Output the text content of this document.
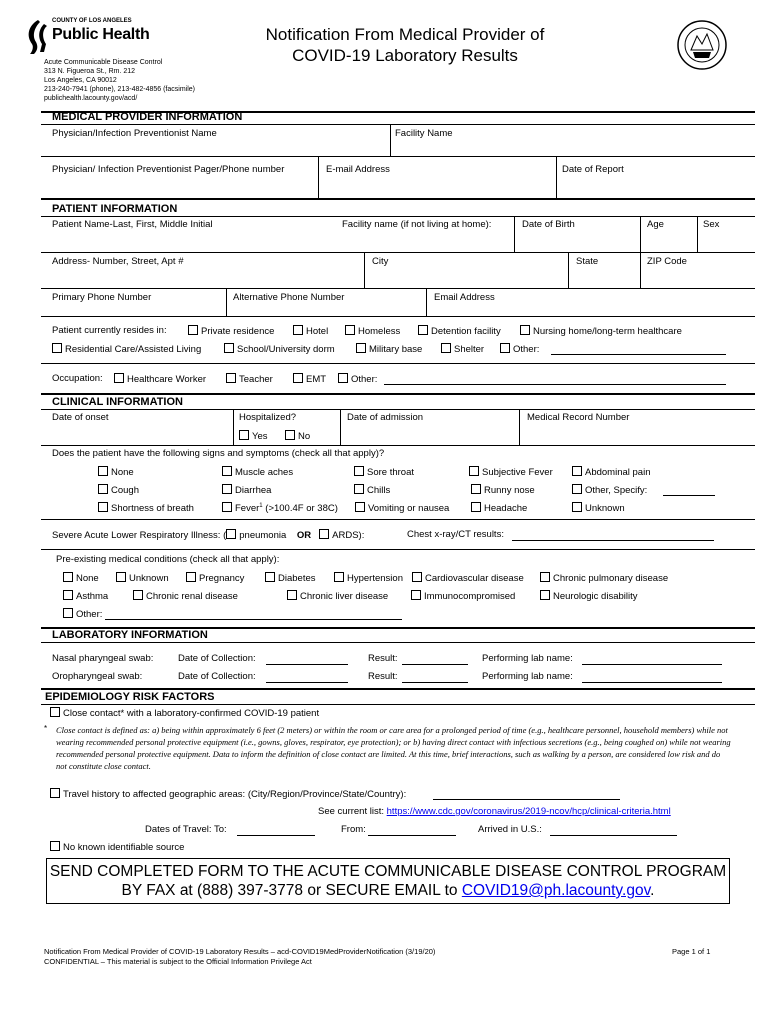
COUNTY OF LOS ANGELES
Public Health
Acute Communicable Disease Control
313 N. Figueroa St., Rm. 212
Los Angeles, CA 90012
213-240-7941 (phone), 213-482-4856 (facsimile)
publichealth.lacounty.gov/acd/
Notification From Medical Provider of
COVID-19 Laboratory Results
MEDICAL PROVIDER INFORMATION
Physician/Infection Preventionist Name	Facility Name
Physician/ Infection Preventionist Pager/Phone number	E-mail Address	Date of Report
PATIENT INFORMATION
Patient Name-Last, First, Middle Initial	Facility name (if not living at home):	Date of Birth	Age	Sex
Address- Number, Street, Apt #	City	State	ZIP Code
Primary Phone Number	Alternative Phone Number	Email Address
Patient currently resides in:	Private residence	Hotel	Homeless	Detention facility	Nursing home/long-term healthcare
Residential Care/Assisted Living	School/University dorm	Military base	Shelter	Other:
Occupation:	Healthcare Worker	Teacher	EMT	Other:
CLINICAL INFORMATION
Date of onset	Hospitalized?	Date of admission	Medical Record Number
Yes	No
Does the patient have the following signs and symptoms (check all that apply)?
None	Muscle aches	Sore throat	Subjective Fever	Abdominal pain
Cough	Diarrhea	Chills	Runny nose	Other, Specify:
Shortness of breath	Fever$^1$ (>100.4F or 38C)	Vomiting or nausea	Headache	Unknown
Severe Acute Lower Respiratory Illness: ( pneumonia OR ARDS):	Chest x-ray/CT results:
Pre-existing medical conditions (check all that apply):
None	Unknown	Pregnancy	Diabetes	Hypertension	Cardiovascular disease	Chronic pulmonary disease
Asthma	Chronic renal disease	Chronic liver disease	Immunocompromised	Neurologic disability
Other:
LABORATORY INFORMATION
Nasal pharyngeal swab:	Date of Collection:	Result:	Performing lab name:
Oropharyngeal swab:	Date of Collection:	Result:	Performing lab name:
EPIDEMIOLOGY RISK FACTORS
Close contact* with a laboratory-confirmed COVID-19 patient
* Close contact is defined as: a) being within approximately 6 feet (2 meters) or within the room or care area for a prolonged period of time (e.g., healthcare personnel, household members) while not wearing recommended personal protective equipment (i.e., gowns, gloves, respirator, eye protection); or b) having direct contact with infectious secretions (e.g., being coughed on) while not wearing recommended personal protective equipment. Data to inform the definition of close contact are limited. At this time, brief interactions, such as walking by a person, are considered low risk and do not constitute close contact.
Travel history to affected geographic areas: (City/Region/Province/State/Country):
See current list: https://www.cdc.gov/coronavirus/2019-ncov/hcp/clinical-criteria.html
Dates of Travel: To:	From:	Arrived in U.S.:
No known identifiable source
SEND COMPLETED FORM TO THE ACUTE COMMUNICABLE DISEASE CONTROL PROGRAM
BY FAX at (888) 397-3778 or SECURE EMAIL to COVID19@ph.lacounty.gov.
Notification From Medical Provider of COVID-19 Laboratory Results – acd-COVID19MedProviderNotification (3/19/20)
CONFIDENTIAL – This material is subject to the Official Information Privilege Act
Page 1 of 1
